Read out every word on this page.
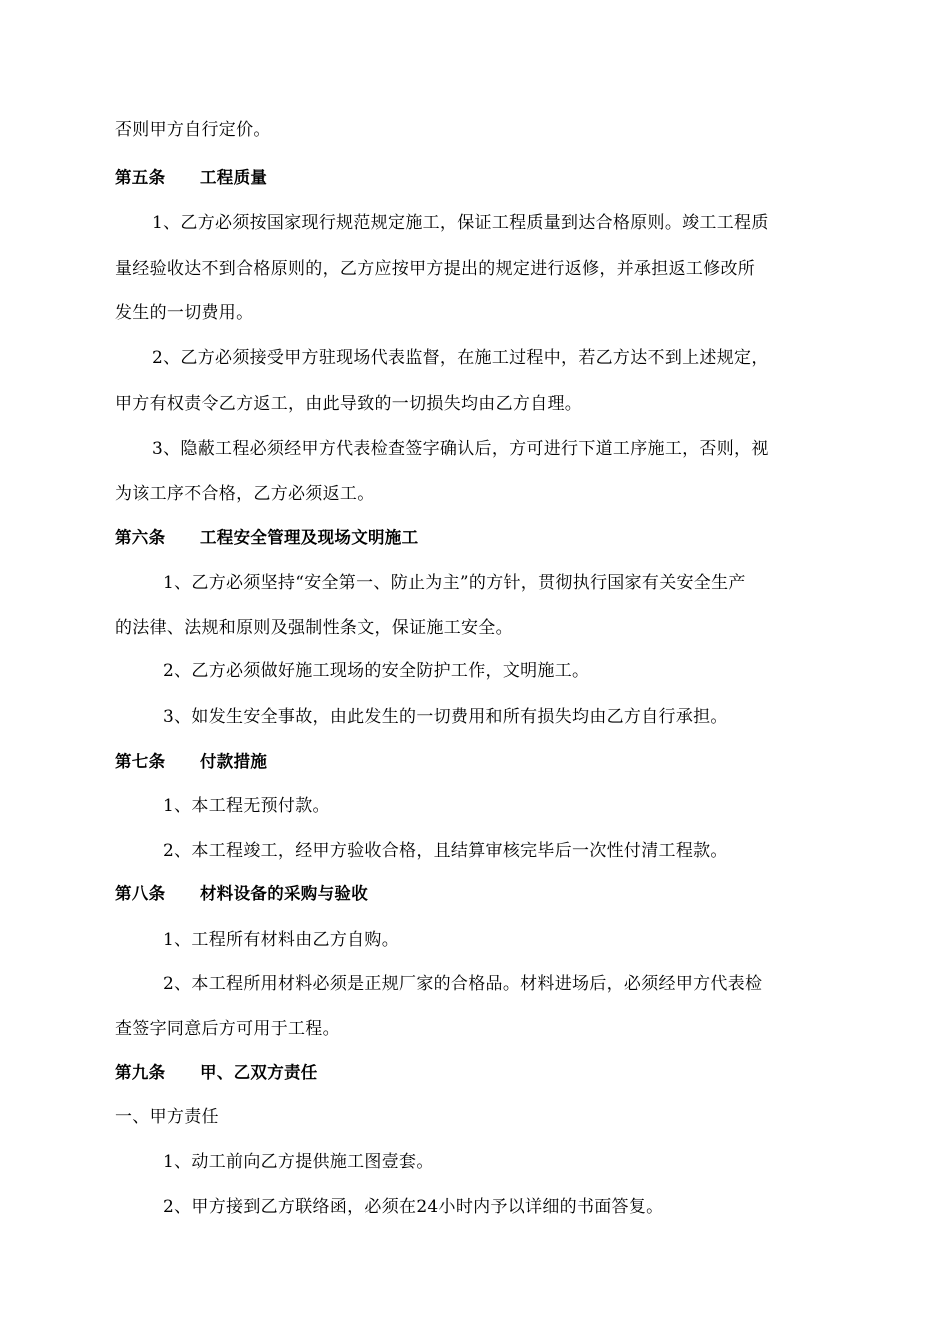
否则甲方自行定价。
第五条 工程质量
1、乙方必须按国家现行规范规定施工，保证工程质量到达合格原则。竣工工程质
量经验收达不到合格原则的，乙方应按甲方提出的规定进行返修，并承担返工修改所
发生的一切费用。
2、乙方必须接受甲方驻现场代表监督，在施工过程中，若乙方达不到上述规定，
甲方有权责令乙方返工，由此导致的一切损失均由乙方自理。
3、隐蔽工程必须经甲方代表检查签字确认后，方可进行下道工序施工，否则，视
为该工序不合格，乙方必须返工。
第六条 工程安全管理及现场文明施工
1、乙方必须坚持“安全第一、防止为主”的方针，贯彻执行国家有关安全生产
的法律、法规和原则及强制性条文，保证施工安全。
2、乙方必须做好施工现场的安全防护工作，文明施工。
3、如发生安全事故，由此发生的一切费用和所有损失均由乙方自行承担。
第七条 付款措施
1、本工程无预付款。
2、本工程竣工，经甲方验收合格，且结算审核完毕后一次性付清工程款。
第八条 材料设备的采购与验收
1、工程所有材料由乙方自购。
2、本工程所用材料必须是正规厂家的合格品。材料进场后，必须经甲方代表检
查签字同意后方可用于工程。
第九条 甲、乙双方责任
一、甲方责任
1、动工前向乙方提供施工图壹套。
2、甲方接到乙方联络函，必须在24小时内予以详细的书面答复。
